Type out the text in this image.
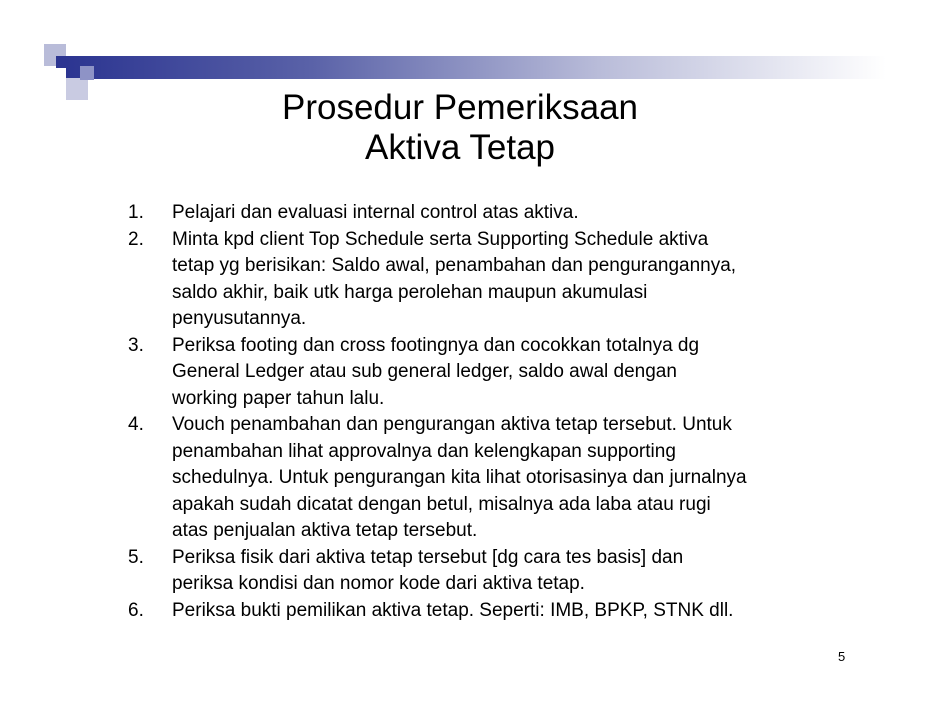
Prosedur Pemeriksaan
Aktiva Tetap
1. Pelajari dan evaluasi internal control atas aktiva.
2. Minta kpd client Top Schedule serta Supporting Schedule aktiva
tetap yg berisikan: Saldo awal, penambahan dan pengurangannya,
saldo akhir, baik utk harga perolehan maupun akumulasi
penyusutannya.
3. Periksa footing dan cross footingnya dan cocokkan totalnya dg
General Ledger atau sub general ledger, saldo awal dengan
working paper tahun lalu.
4. Vouch penambahan dan pengurangan aktiva tetap tersebut. Untuk
penambahan lihat approvalnya dan kelengkapan supporting
schedulnya. Untuk pengurangan kita lihat otorisasinya dan jurnalnya
apakah sudah dicatat dengan betul, misalnya ada laba atau rugi
atas penjualan aktiva tetap tersebut.
5. Periksa fisik dari aktiva tetap tersebut [dg cara tes basis] dan
periksa kondisi dan nomor kode dari aktiva tetap.
6. Periksa bukti pemilikan aktiva tetap. Seperti: IMB, BPKP, STNK dll.
5
